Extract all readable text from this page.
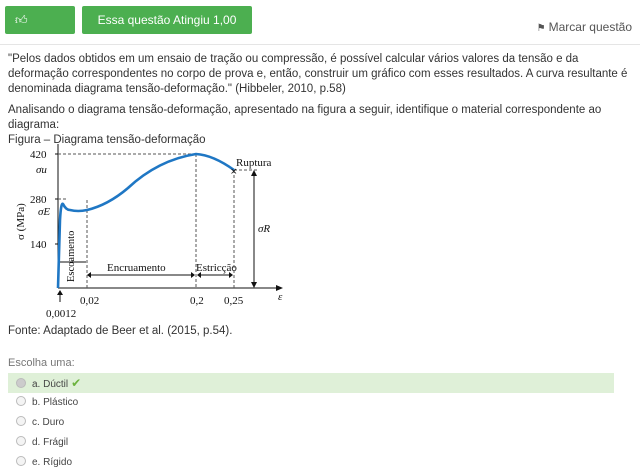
👍︎Correto
Essa questão Atingiu 1,00 de 1,00
⚑ Marcar questão

"Pelos dados obtidos em um ensaio de tração ou compressão, é possível calcular vários valores da tensão e da deformação correspondentes no corpo de prova e, então, construir um gráfico com esses resultados. A curva resultante é denominada diagrama tensão-deformação." (Hibbeler, 2010, p.58)

Analisando o diagrama tensão-deformação, apresentado na figura a seguir, identifique o material correspondente ao diagrama:

Figura – Diagrama tensão-deformação

×
420
280
140
σu
σE
σR
σ (MPa)
ε
Ruptura
0,02	0,2 0,25
0,0012
Escoamento	Encruamento	Estricção
Fonte: Adaptado de Beer et al. (2015, p.54).
Escolha uma:
a. Dúctil ✔
b. Plástico
c. Duro
d. Frágil
e. Rígido
